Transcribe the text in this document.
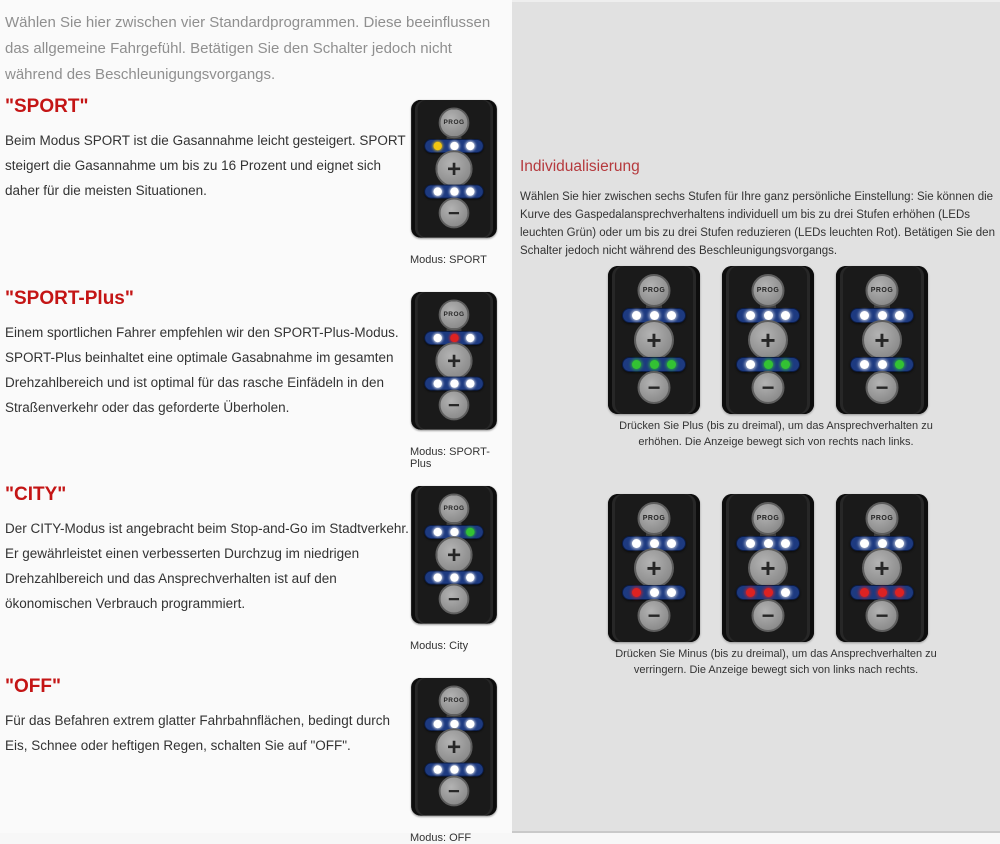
Wählen Sie hier zwischen vier Standardprogrammen. Diese beeinflussen das allgemeine Fahrgefühl. Betätigen Sie den Schalter jedoch nicht während des Beschleunigungsvorgangs.

"SPORT"

Beim Modus SPORT ist die Gasannahme leicht gesteigert. SPORT steigert die Gasannahme um bis zu 16 Prozent und eignet sich daher für die meisten Situationen.

PROG
+
−

Modus: SPORT

"SPORT-Plus"

Einem sportlichen Fahrer empfehlen wir den SPORT-Plus-Modus. SPORT-Plus beinhaltet eine optimale Gasabnahme im gesamten Drehzahlbereich und ist optimal für das rasche Einfädeln in den Straßenverkehr oder das geforderte Überholen.

PROG
+
−

Modus: SPORT-Plus

"CITY"

Der CITY-Modus ist angebracht beim Stop-and-Go im Stadtverkehr. Er gewährleistet einen verbesserten Durchzug im niedrigen Drehzahlbereich und das Ansprechverhalten ist auf den ökonomischen Verbrauch programmiert.

PROG
+
−

Modus: City

"OFF"

Für das Befahren extrem glatter Fahrbahnflächen, bedingt durch Eis, Schnee oder heftigen Regen, schalten Sie auf "OFF".

PROG
+
−

Modus: OFF

Individualisierung

Wählen Sie hier zwischen sechs Stufen für Ihre ganz persönliche Einstellung: Sie können die Kurve des Gaspedalansprechverhaltens individuell um bis zu drei Stufen erhöhen (LEDs leuchten Grün) oder um bis zu drei Stufen reduzieren (LEDs leuchten Rot). Betätigen Sie den Schalter jedoch nicht während des Beschleunigungsvorgangs.

PROG
+
−
PROG
+
−
PROG
+
−

Drücken Sie Plus (bis zu dreimal), um das Ansprechverhalten zu erhöhen. Die Anzeige bewegt sich von rechts nach links.

PROG
+
−
PROG
+
−
PROG
+
−

Drücken Sie Minus (bis zu dreimal), um das Ansprechverhalten zu verringern. Die Anzeige bewegt sich von links nach rechts.
